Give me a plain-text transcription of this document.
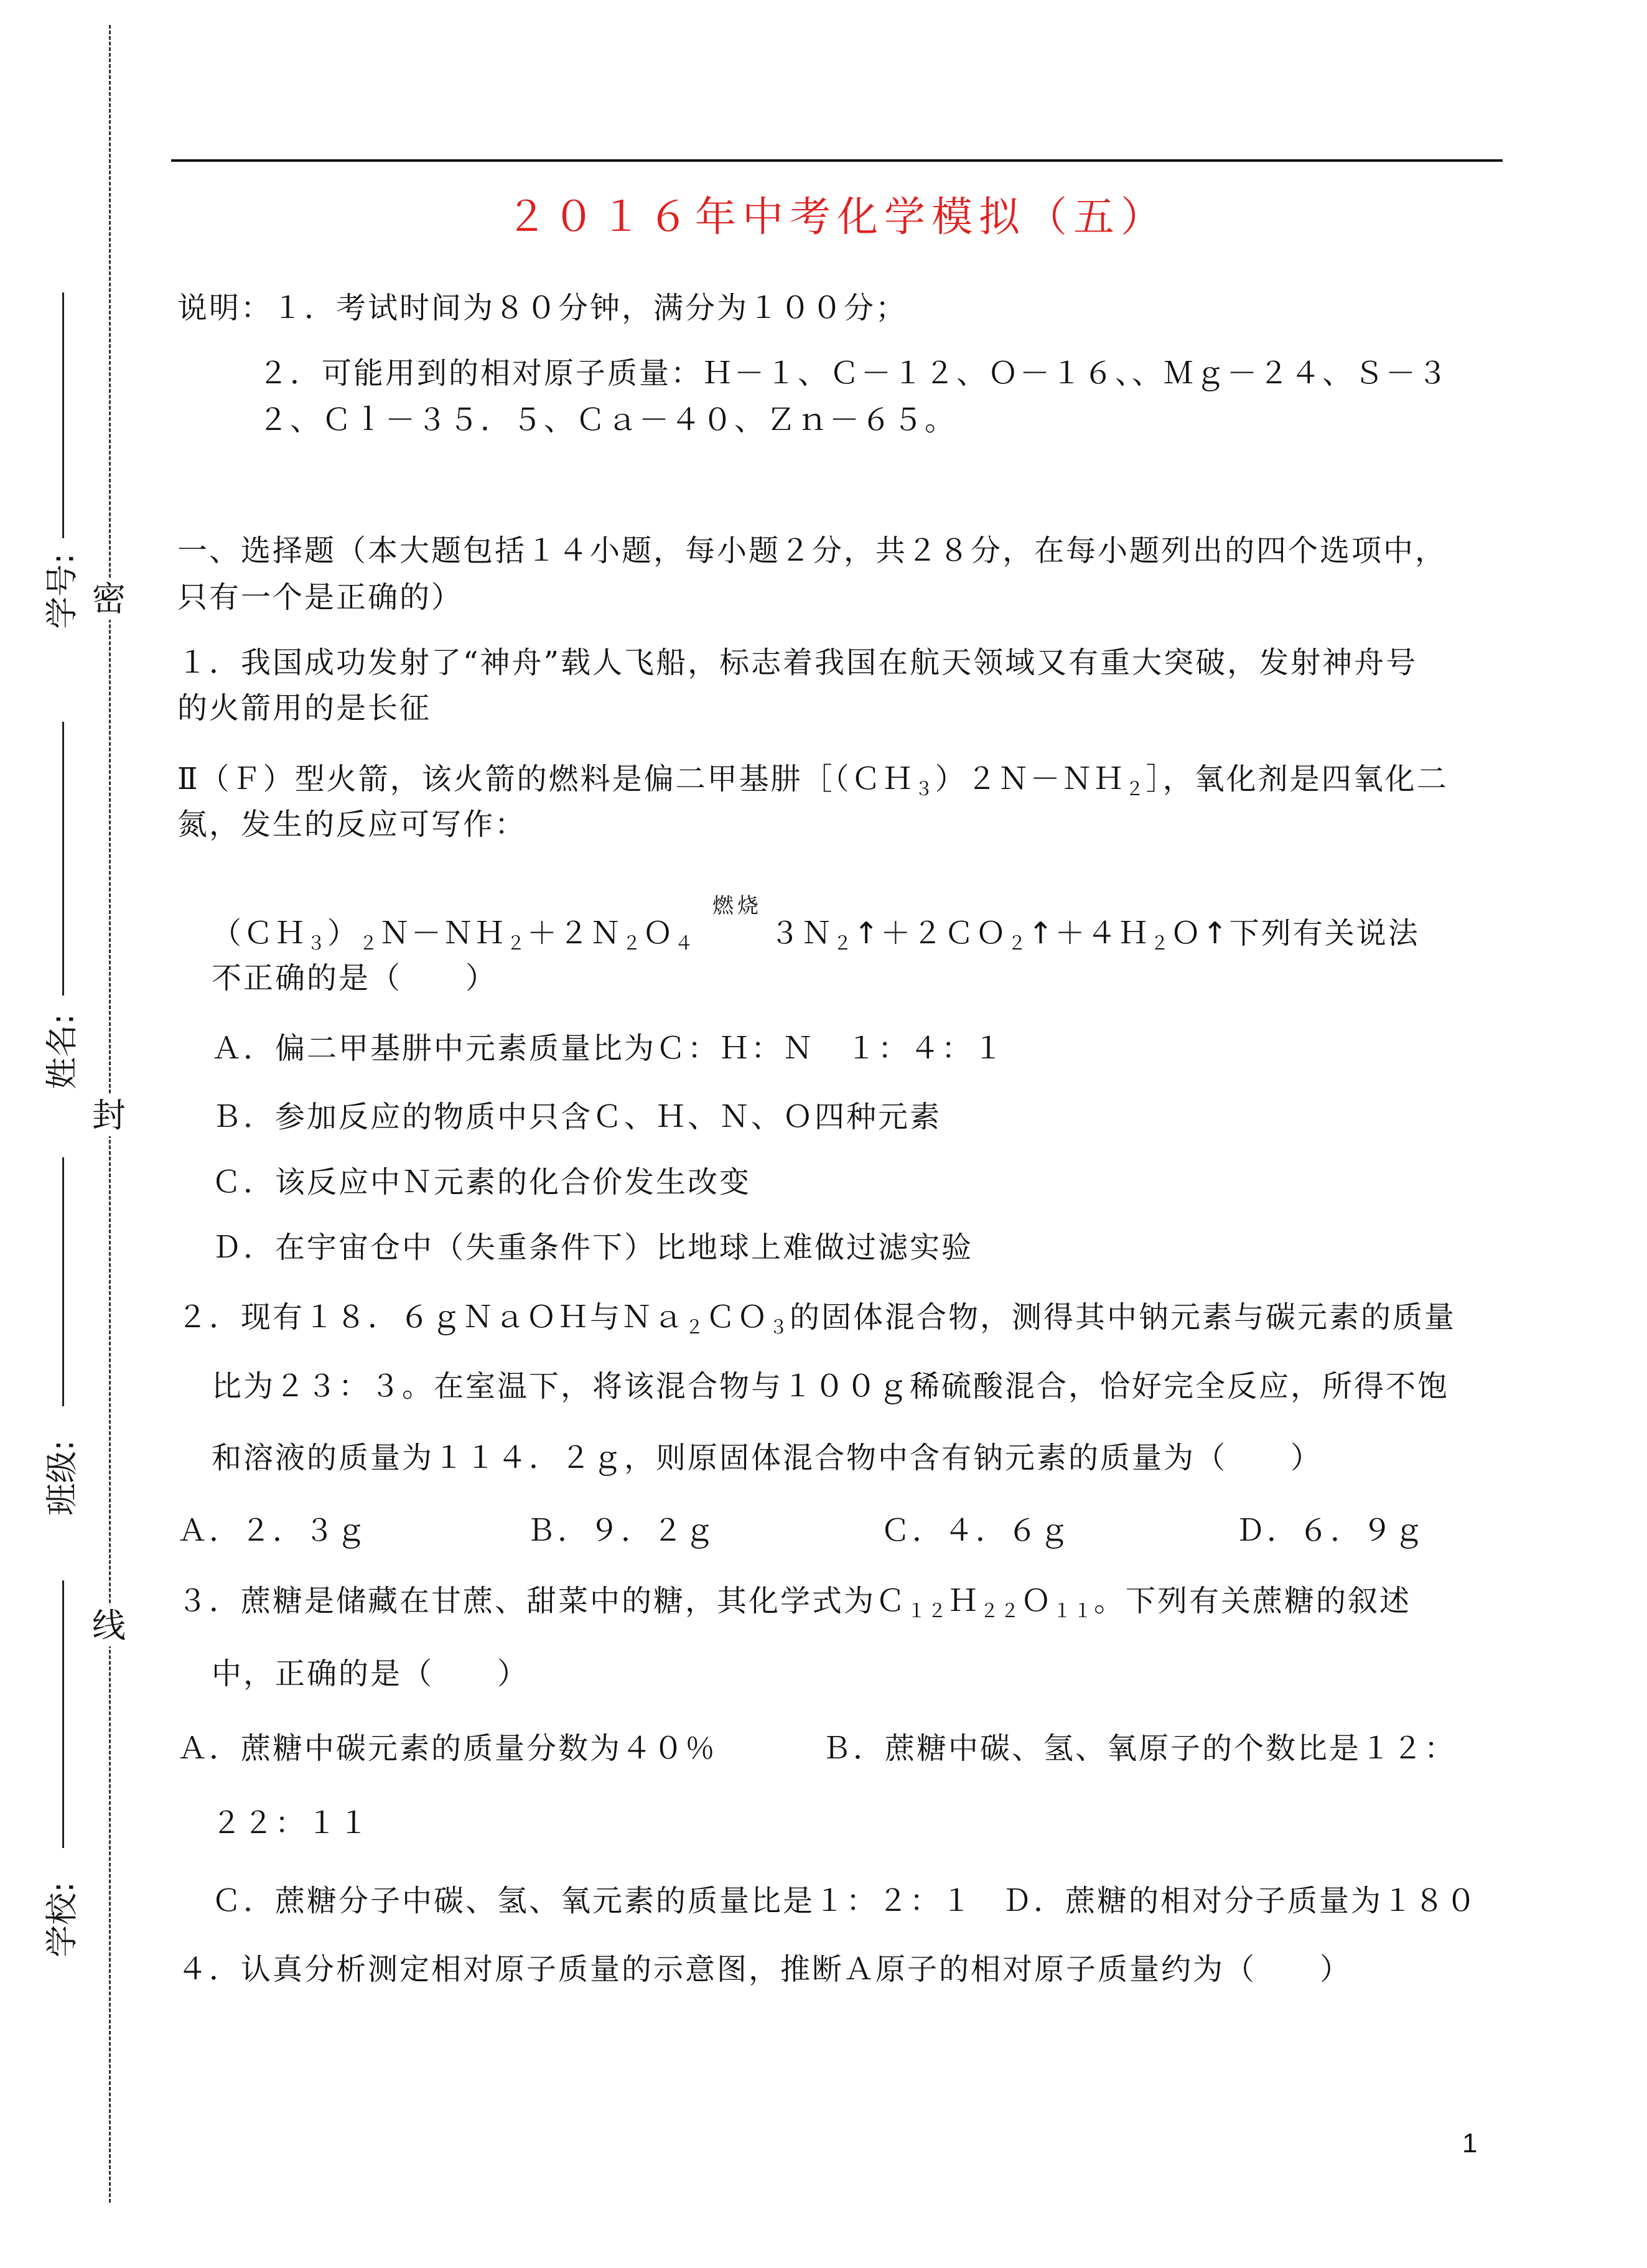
学号:
姓名:
班级:
学校:
密
封
线
２０１６年中考化学模拟（五）
说明：１．考试时间为８０分钟，满分为１００分；
２．可能用到的相对原子质量：Ｈ－１、Ｃ－１２、Ｏ－１６、、Ｍｇ－２４、Ｓ－３
２、Ｃｌ－３５．５、Ｃａ－４０、Ｚｎ－６５。
一、选择题（本大题包括１４小题，每小题２分，共２８分，在每小题列出的四个选项中，
只有一个是正确的）
１．我国成功发射了“神舟”载人飞船，标志着我国在航天领域又有重大突破，发射神舟号
的火箭用的是长征
Ⅱ（Ｆ）型火箭，该火箭的燃料是偏二甲基肼［（ＣＨ$_3$）２Ｎ－ＮＨ$_2$］，氧化剂是四氧化二
氮，发生的反应可写作：
燃烧
$(CH_3)_2N-NH_2+2N_2O_4$	３Ｎ$_2$↑＋２ＣＯ$_2$↑＋４Ｈ$_2$Ｏ↑下列有关说法
不正确的是（　　）
Ａ．偏二甲基肼中元素质量比为Ｃ：Ｈ：Ｎ　１：４：１
Ｂ．参加反应的物质中只含Ｃ、Ｈ、Ｎ、Ｏ四种元素
Ｃ．该反应中Ｎ元素的化合价发生改变
Ｄ．在宇宙仓中（失重条件下）比地球上难做过滤实验
２．现有１８．６ｇＮａＯＨ与Ｎａ$_2$ＣＯ$_3$的固体混合物，测得其中钠元素与碳元素的质量
比为２３：３。在室温下，将该混合物与１００ｇ稀硫酸混合，恰好完全反应，所得不饱
和溶液的质量为１１４．２ｇ，则原固体混合物中含有钠元素的质量为（　　）
Ａ．２．３ｇ	Ｂ．９．２ｇ	Ｃ．４．６ｇ	Ｄ．６．９ｇ
３．蔗糖是储藏在甘蔗、甜菜中的糖，其化学式为Ｃ$_{12}$Ｈ$_{22}$Ｏ$_{11}$。下列有关蔗糖的叙述
中，正确的是（　　）
Ａ．蔗糖中碳元素的质量分数为４０％	Ｂ．蔗糖中碳、氢、氧原子的个数比是１２：
２２：１１
Ｃ．蔗糖分子中碳、氢、氧元素的质量比是１：２：１ Ｄ．蔗糖的相对分子质量为１８０
４．认真分析测定相对原子质量的示意图，推断Ａ原子的相对原子质量约为（　　）
1
